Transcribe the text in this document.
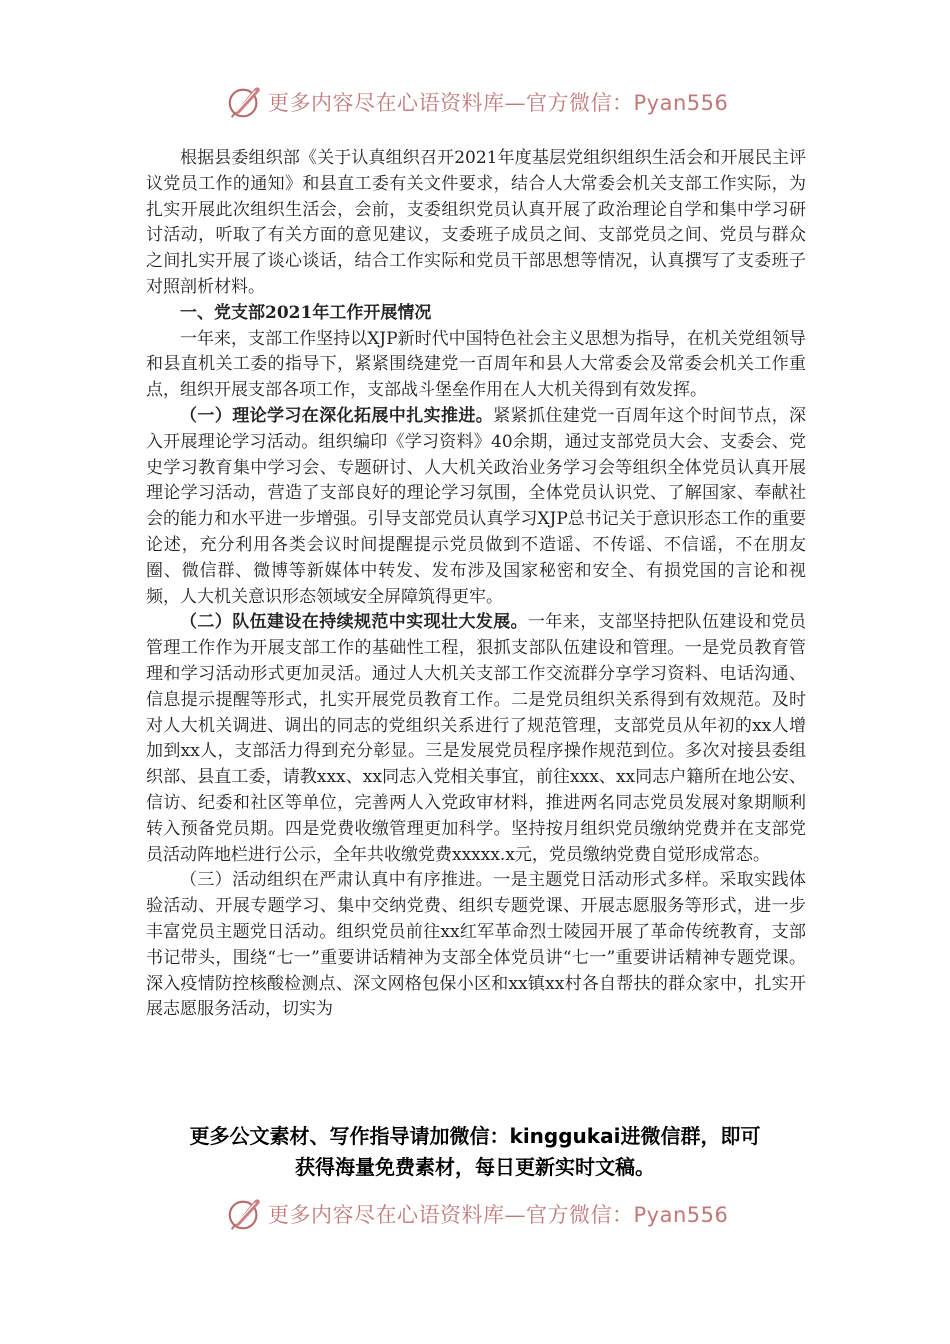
更多内容尽在心语资料库—官方微信：Pyan556

根据县委组织部《关于认真组织召开2021年度基层党组织组织生活会和开展民主评议党员工作的通知》和县直工委有关文件要求，结合人大常委会机关支部工作实际，为扎实开展此次组织生活会，会前，支委组织党员认真开展了政治理论自学和集中学习研讨活动，听取了有关方面的意见建议，支委班子成员之间、支部党员之间、党员与群众之间扎实开展了谈心谈话，结合工作实际和党员干部思想等情况，认真撰写了支委班子对照剖析材料。

一、党支部2021年工作开展情况

一年来，支部工作坚持以XJP新时代中国特色社会主义思想为指导，在机关党组领导和县直机关工委的指导下，紧紧围绕建党一百周年和县人大常委会及常委会机关工作重点，组织开展支部各项工作，支部战斗堡垒作用在人大机关得到有效发挥。

（一）理论学习在深化拓展中扎实推进。紧紧抓住建党一百周年这个时间节点，深入开展理论学习活动。组织编印《学习资料》40余期，通过支部党员大会、支委会、党史学习教育集中学习会、专题研讨、人大机关政治业务学习会等组织全体党员认真开展理论学习活动，营造了支部良好的理论学习氛围，全体党员认识党、了解国家、奉献社会的能力和水平进一步增强。引导支部党员认真学习XJP总书记关于意识形态工作的重要论述，充分利用各类会议时间提醒提示党员做到不造谣、不传谣、不信谣，不在朋友圈、微信群、微博等新媒体中转发、发布涉及国家秘密和安全、有损党国的言论和视频，人大机关意识形态领域安全屏障筑得更牢。

（二）队伍建设在持续规范中实现壮大发展。一年来，支部坚持把队伍建设和党员管理工作作为开展支部工作的基础性工程，狠抓支部队伍建设和管理。一是党员教育管理和学习活动形式更加灵活。通过人大机关支部工作交流群分享学习资料、电话沟通、信息提示提醒等形式，扎实开展党员教育工作。二是党员组织关系得到有效规范。及时对人大机关调进、调出的同志的党组织关系进行了规范管理，支部党员从年初的xx人增加到xx人，支部活力得到充分彰显。三是发展党员程序操作规范到位。多次对接县委组织部、县直工委，请教xxx、xx同志入党相关事宜，前往xxx、xx同志户籍所在地公安、信访、纪委和社区等单位，完善两人入党政审材料，推进两名同志党员发展对象期顺利转入预备党员期。四是党费收缴管理更加科学。坚持按月组织党员缴纳党费并在支部党员活动阵地栏进行公示，全年共收缴党费xxxxx.x元，党员缴纳党费自觉形成常态。

（三）活动组织在严肃认真中有序推进。一是主题党日活动形式多样。采取实践体验活动、开展专题学习、集中交纳党费、组织专题党课、开展志愿服务等形式，进一步丰富党员主题党日活动。组织党员前往xx红军革命烈士陵园开展了革命传统教育，支部书记带头，围绕“七一”重要讲话精神为支部全体党员讲“七一”重要讲话精神专题党课。深入疫情防控核酸检测点、深文网格包保小区和xx镇xx村各自帮扶的群众家中，扎实开展志愿服务活动，切实为

更多公文素材、写作指导请加微信：kinggukai进微信群，即可
获得海量免费素材，每日更新实时文稿。
更多内容尽在心语资料库—官方微信：Pyan556
